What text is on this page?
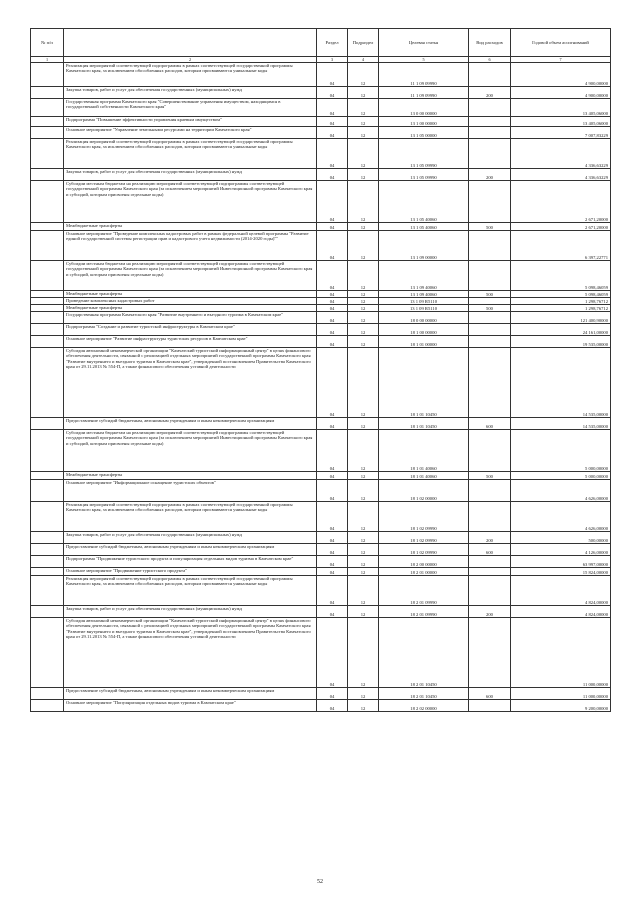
№ п/п		Раздел	Подраздел	Целевая статья	Вид расходов	Годовой объем ассигнований
1	2	3	4	5	6	7
	Реализация мероприятий соответствующей подпрограммы в рамках соответствующей государственной программы Камчатского края, за исключением обособленных расходов, которым присваиваются уникальные коды	04	12	11 1 09 09990		4 900,00000
	Закупка товаров, работ и услуг для обеспечения государственных (муниципальных) нужд	04	12	11 1 09 09990	200	4 900,00000
	Государственная программа Камчатского края "Совершенствование управления имуществом, находящимся в государственной собственности Камчатского края"	04	12	13 0 00 00000		13 405,06000
	Подпрограмма "Повышение эффективности управления краевым имуществом"	04	12	13 1 00 00000		13 405,06000
	Основное мероприятие "Управление земельными ресурсами на территории Камчатского края"	04	12	13 1 05 00000		7 007,83229
	Реализация мероприятий соответствующей подпрограммы в рамках соответствующей государственной программы Камчатского края, за исключением обособленных расходов, которым присваиваются уникальные коды	04	12	13 1 05 09990		4 336,63229
	Закупка товаров, работ и услуг для обеспечения государственных (муниципальных) нужд	04	12	13 1 05 09990	200	4 336,63229
	Субсидии местным бюджетам на реализацию мероприятий соответствующей подпрограммы соответствующей государственной программы Камчатского края (за исключением мероприятий Инвестиционной программы Камчатского края и субсидий, которым присвоены отдельные коды)	04	12	13 1 05 40060		2 671,20000
	Межбюджетные трансферты	04	12	13 1 05 40060	500	2 671,20000
	Основное мероприятие "Проведение комплексных кадастровых работ в рамках федеральной целевой программы "Развитие единой государственной системы регистрации прав и кадастрового учета недвижимости (2014-2020 годы)""	04	12	13 1 09 00000		6 397,22771
	Субсидии местным бюджетам на реализацию мероприятий соответствующей подпрограммы соответствующей государственной программы Камчатского края (за исключением мероприятий Инвестиционной программы Камчатского края и субсидий, которым присвоены отдельные коды)	04	12	13 1 09 40060		5 098,46059
	Межбюджетные трансферты	04	12	13 1 09 40060	500	5 098,46059
	Проведение комплексных кадастровых работ	04	12	13 1 09 R5110		1 298,76712
	Межбюджетные трансферты	04	12	13 1 09 R5110	500	1 298,76712
	Государственная программа Камчатского края "Развитие внутреннего и въездного туризма в Камчатском крае"	04	12	18 0 00 00000		121 400,90000
	Подпрограмма "Создание и развитие туристской инфраструктуры в Камчатском крае"	04	12	18 1 00 00000		24 161,00000
	Основное мероприятие "Развитие инфраструктуры туристских ресурсов в Камчатском крае"	04	12	18 1 01 00000		19 535,00000
	Субсидия автономной некоммерческой организации "Камчатский туристский информационный центр" в целях финансового обеспечения деятельности, связанной с реализацией отдельных мероприятий государственной программы Камчатского края "Развитие внутреннего и въездного туризма в Камчатском крае", утвержденной постановлением Правительства Камчатского края от 29.11.2013 № 554-П, а также финансового обеспечения уставной деятельности	04	12	18 1 01 10450		14 535,00000
	Предоставление субсидий бюджетным, автономным учреждениям и иным некоммерческим организациям	04	12	18 1 01 10450	600	14 535,00000
	Субсидии местным бюджетам на реализацию мероприятий соответствующей подпрограммы соответствующей государственной программы Камчатского края (за исключением мероприятий Инвестиционной программы Камчатского края и субсидий, которым присвоены отдельные коды)	04	12	18 1 01 40060		5 000,00000
	Межбюджетные трансферты	04	12	18 1 01 40060	500	5 000,00000
	Основное мероприятие "Информационное оснащение туристских объектов"	04	12	18 1 02 00000		4 626,00000
	Реализация мероприятий соответствующей подпрограммы в рамках соответствующей государственной программы Камчатского края, за исключением обособленных расходов, которым присваиваются уникальные коды	04	12	18 1 02 09990		4 626,00000
	Закупка товаров, работ и услуг для обеспечения государственных (муниципальных) нужд	04	12	18 1 02 09990	200	500,00000
	Предоставление субсидий бюджетным, автономным учреждениям и иным некоммерческим организациям	04	12	18 1 02 09990	600	4 126,00000
	Подпрограмма "Продвижение туристского продукта и популяризация отдельных видов туризма в Камчатском крае"	04	12	18 2 00 00000		63 997,00000
	Основное мероприятие "Продвижение туристского продукта"	04	12	18 2 01 00000		15 824,00000
	Реализация мероприятий соответствующей подпрограммы в рамках соответствующей государственной программы Камчатского края, за исключением обособленных расходов, которым присваиваются уникальные коды	04	12	18 2 01 09990		4 824,00000
	Закупка товаров, работ и услуг для обеспечения государственных (муниципальных) нужд	04	12	18 2 01 09990	200	4 824,00000
	Субсидия автономной некоммерческой организации "Камчатский туристский информационный центр" в целях финансового обеспечения деятельности, связанной с реализацией отдельных мероприятий государственной программы Камчатского края "Развитие внутреннего и въездного туризма в Камчатском крае", утвержденной постановлением Правительства Камчатского края от 29.11.2013 № 554-П, а также финансового обеспечения уставной деятельности	04	12	18 2 01 10450		11 000,00000
	Предоставление субсидий бюджетным, автономным учреждениям и иным некоммерческим организациям	04	12	18 2 01 10450	600	11 000,00000
	Основное мероприятие "Популяризация отдельных видов туризма в Камчатском крае"	04	12	18 2 02 00000		9 200,00000
52
